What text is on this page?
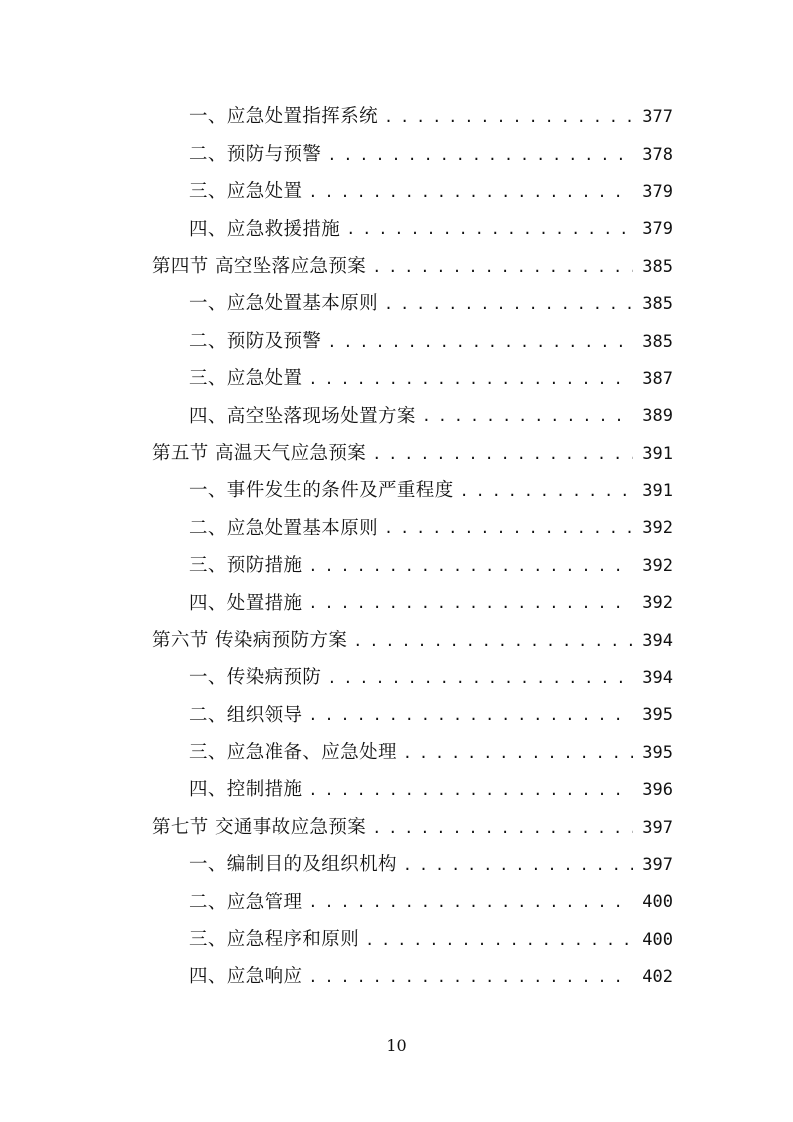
一、应急处置指挥系统 . . .	377
二、预防与预警 . . .	378
三、应急处置 . . .	379
四、应急救援措施 . . .	379
第四节 高空坠落应急预案 . . .	385
一、应急处置基本原则 . . .	385
二、预防及预警 . . .	385
三、应急处置 . . .	387
四、高空坠落现场处置方案 . . .	389
第五节 高温天气应急预案 . . .	391
一、事件发生的条件及严重程度 . . .	391
二、应急处置基本原则 . . .	392
三、预防措施 . . .	392
四、处置措施 . . .	392
第六节 传染病预防方案 . . .	394
一、传染病预防 . . .	394
二、组织领导 . . .	395
三、应急准备、应急处理 . . .	395
四、控制措施 . . .	396
第七节 交通事故应急预案 . . .	397
一、编制目的及组织机构 . . .	397
二、应急管理 . . .	400
三、应急程序和原则 . . .	400
四、应急响应 . . .	402
10
